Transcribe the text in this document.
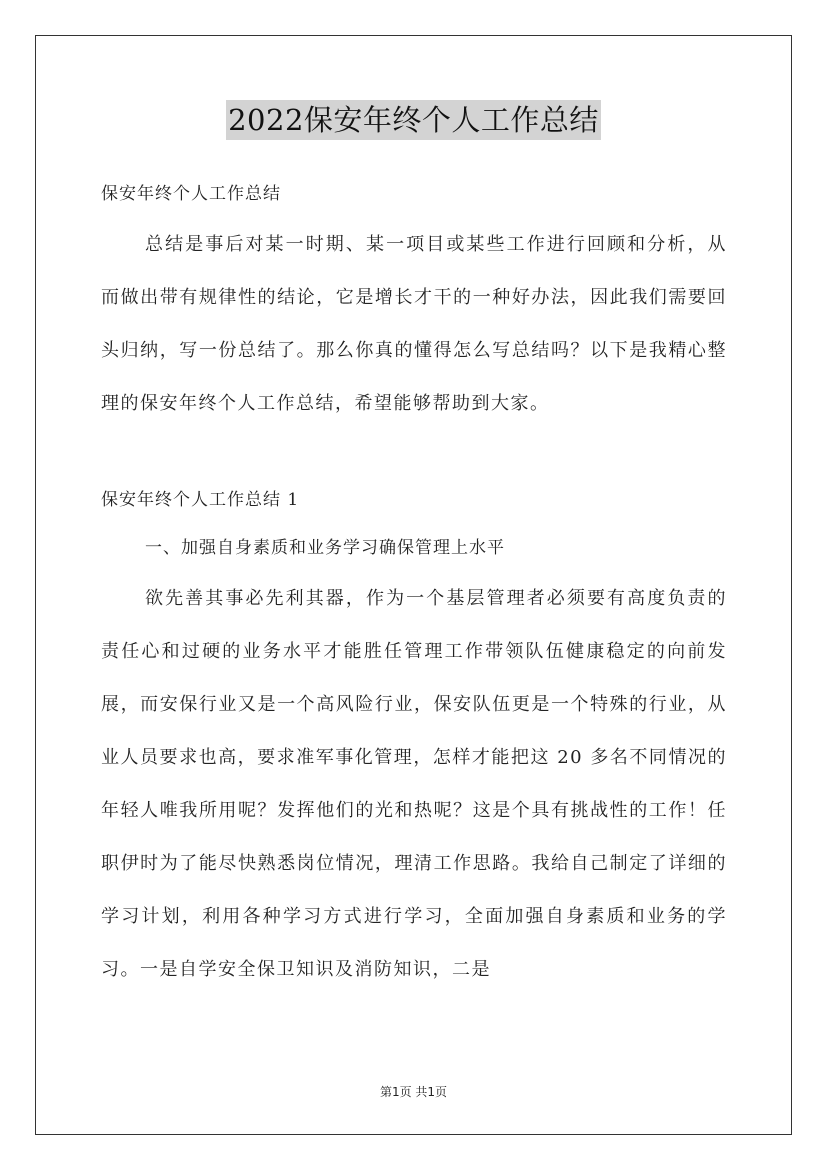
2022保安年终个人工作总结

保安年终个人工作总结

总结是事后对某一时期、某一项目或某些工作进行回顾和分析，从而做出带有规律性的结论，它是增长才干的一种好办法，因此我们需要回头归纳，写一份总结了。那么你真的懂得怎么写总结吗？以下是我精心整理的保安年终个人工作总结，希望能够帮助到大家。

保安年终个人工作总结 1

一、加强自身素质和业务学习确保管理上水平

欲先善其事必先利其器，作为一个基层管理者必须要有高度负责的责任心和过硬的业务水平才能胜任管理工作带领队伍健康稳定的向前发展，而安保行业又是一个高风险行业，保安队伍更是一个特殊的行业，从业人员要求也高，要求准军事化管理，怎样才能把这 20 多名不同情况的年轻人唯我所用呢？发挥他们的光和热呢？这是个具有挑战性的工作！任职伊时为了能尽快熟悉岗位情况，理清工作思路。我给自己制定了详细的学习计划，利用各种学习方式进行学习，全面加强自身素质和业务的学习。一是自学安全保卫知识及消防知识，二是

第1页 共1页
